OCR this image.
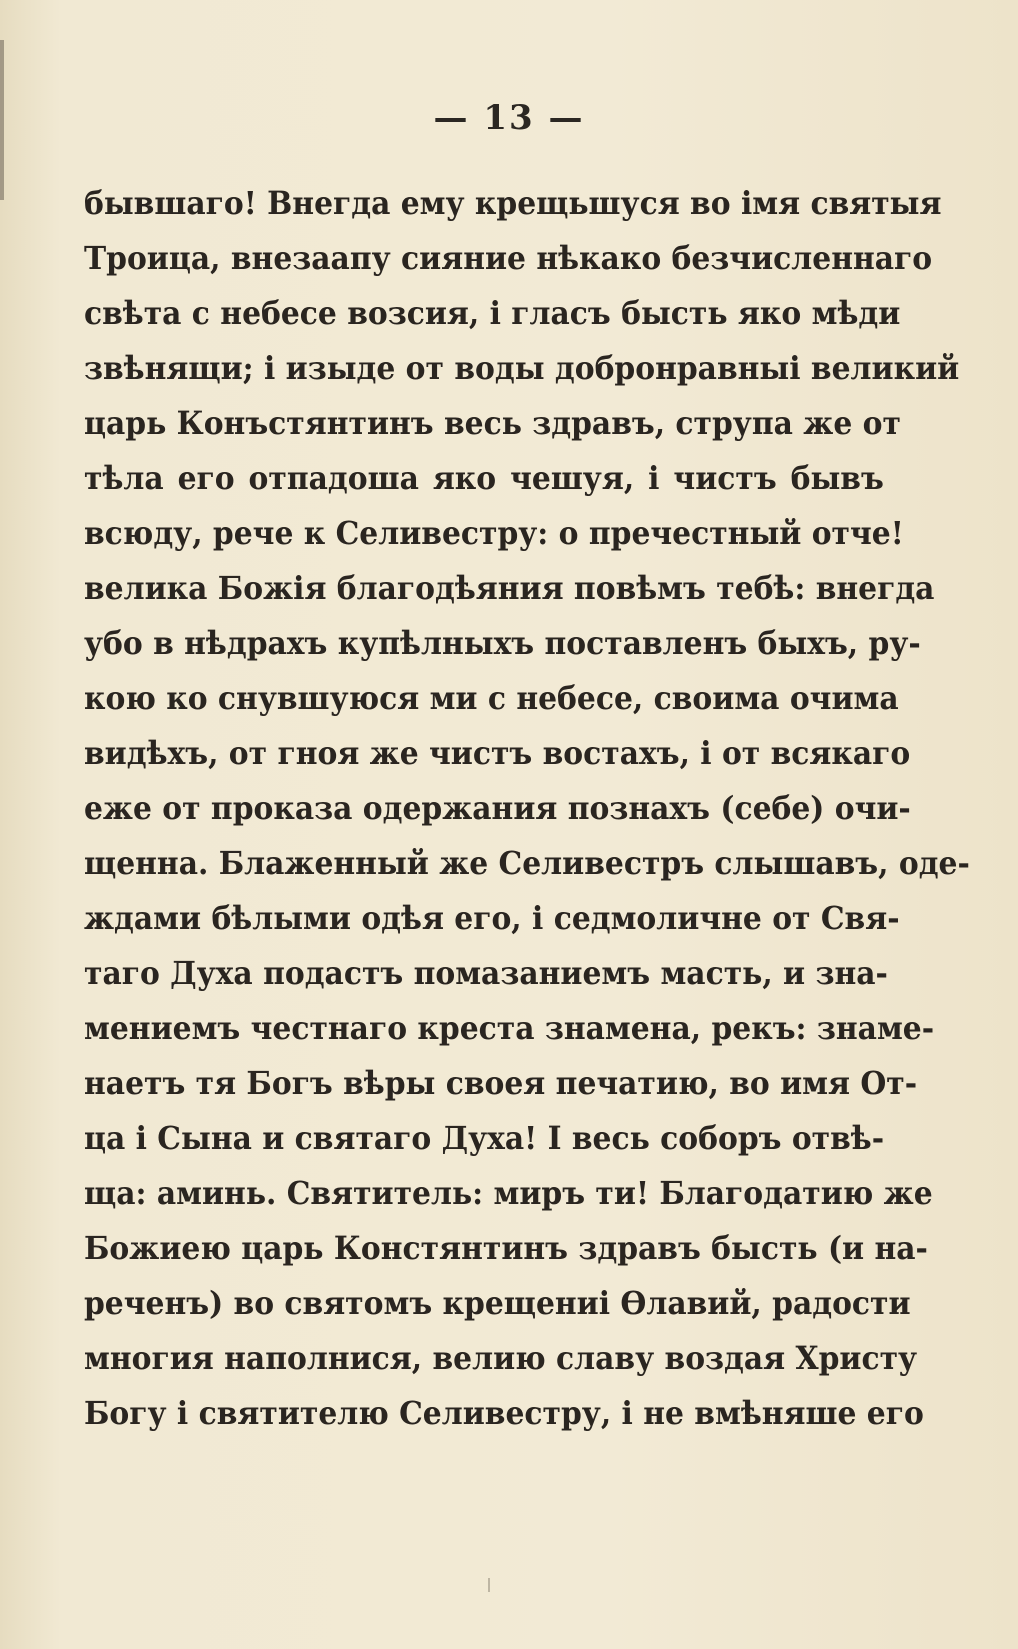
— 13 —
бывшаго! Внегда ему крещьшуся во імя святыя
Троица, внезаапу сияние нѣкако безчисленнаго
свѣта с небесе возсия, і гласъ бысть яко мѣди
звѣнящи; і изыде от воды добронравныі великий
царь Конъстянтинъ весь здравъ, струпа же от
тѣла его отпадоша яко чешуя, і чистъ бывъ
всюду, рече к Селивестру: о пречестный отче!
велика Божія благодѣяния повѣмъ тебѣ: внегда
убо в нѣдрахъ купѣлныхъ поставленъ быхъ, ру-
кою ко снувшуюся ми с небесе, своима очима
видѣхъ, от гноя же чистъ востахъ, і от всякаго
еже от проказа одержания познахъ (себе) очи-
щенна. Блаженный же Селивестръ слышавъ, оде-
ждами бѣлыми одѣя его, і седмоличне от Свя-
таго Духа подастъ помазаниемъ масть, и зна-
мениемъ честнаго креста знамена, рекъ: знаме-
наетъ тя Богъ вѣры своея печатию, во имя От-
ца і Сына и святаго Духа! I весь соборъ отвѣ-
ща: аминь. Святитель: миръ ти! Благодатию же
Божиею царь Констянтинъ здравъ бысть (и на-
реченъ) во святомъ крещениі Ѳлавий, радости
многия наполнися, велию славу воздая Христу
Богу і святителю Селивестру, і не вмѣняше его
